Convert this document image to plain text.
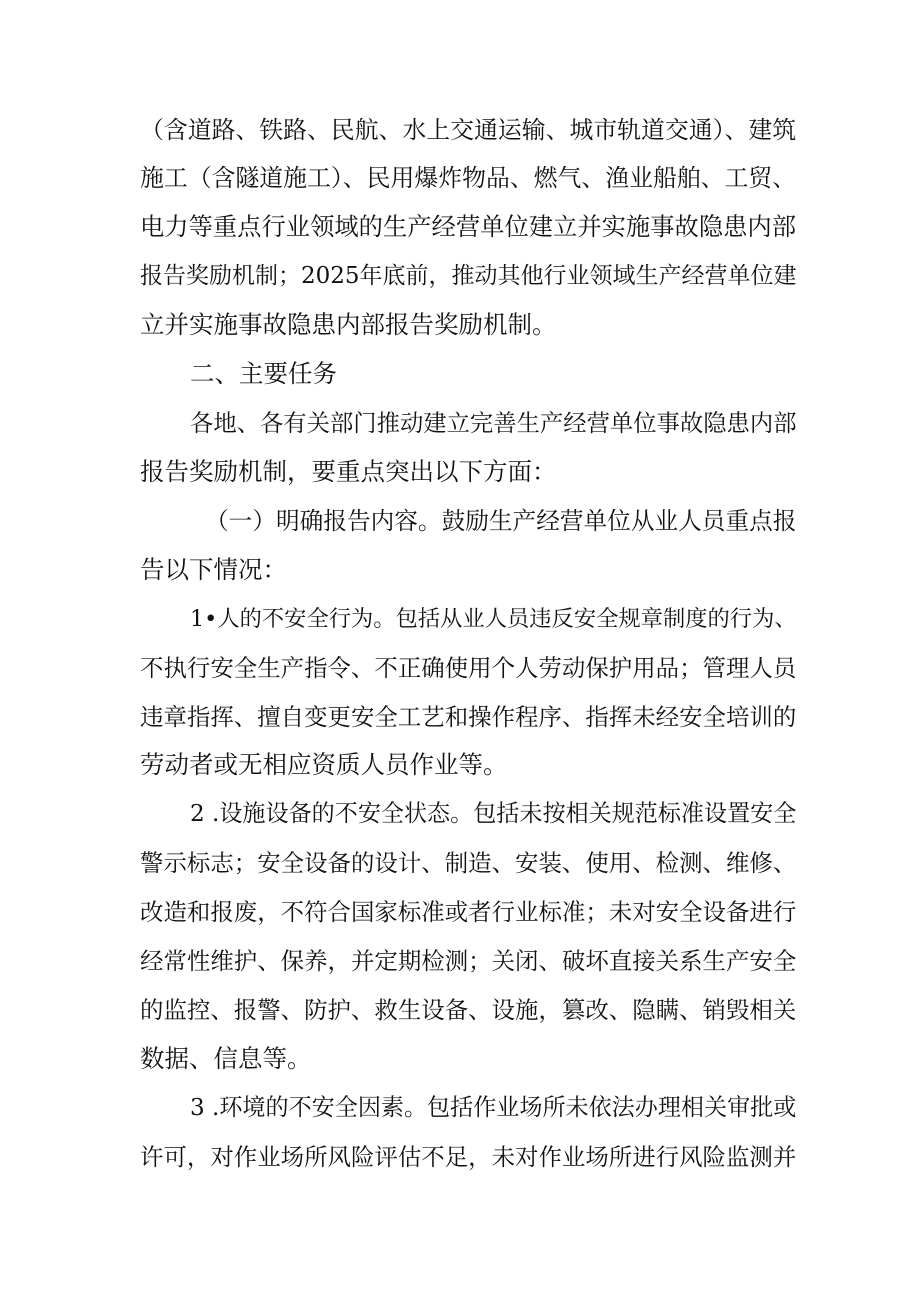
（含道路、铁路、民航、水上交通运输、城市轨道交通）、建筑
施工（含隧道施工）、民用爆炸物品、燃气、渔业船舶、工贸、
电力等重点行业领域的生产经营单位建立并实施事故隐患内部
报告奖励机制；2025年底前，推动其他行业领域生产经营单位建
立并实施事故隐患内部报告奖励机制。
二、主要任务
各地、各有关部门推动建立完善生产经营单位事故隐患内部
报告奖励机制，要重点突出以下方面：
（一）明确报告内容。鼓励生产经营单位从业人员重点报
告以下情况：
1•人的不安全行为。包括从业人员违反安全规章制度的行为、
不执行安全生产指令、不正确使用个人劳动保护用品；管理人员
违章指挥、擅自变更安全工艺和操作程序、指挥未经安全培训的
劳动者或无相应资质人员作业等。
2 .设施设备的不安全状态。包括未按相关规范标准设置安全
警示标志；安全设备的设计、制造、安装、使用、检测、维修、
改造和报废，不符合国家标准或者行业标准；未对安全设备进行
经常性维护、保养，并定期检测；关闭、破坏直接关系生产安全
的监控、报警、防护、救生设备、设施，篡改、隐瞒、销毁相关
数据、信息等。
3 .环境的不安全因素。包括作业场所未依法办理相关审批或
许可，对作业场所风险评估不足，未对作业场所进行风险监测并
